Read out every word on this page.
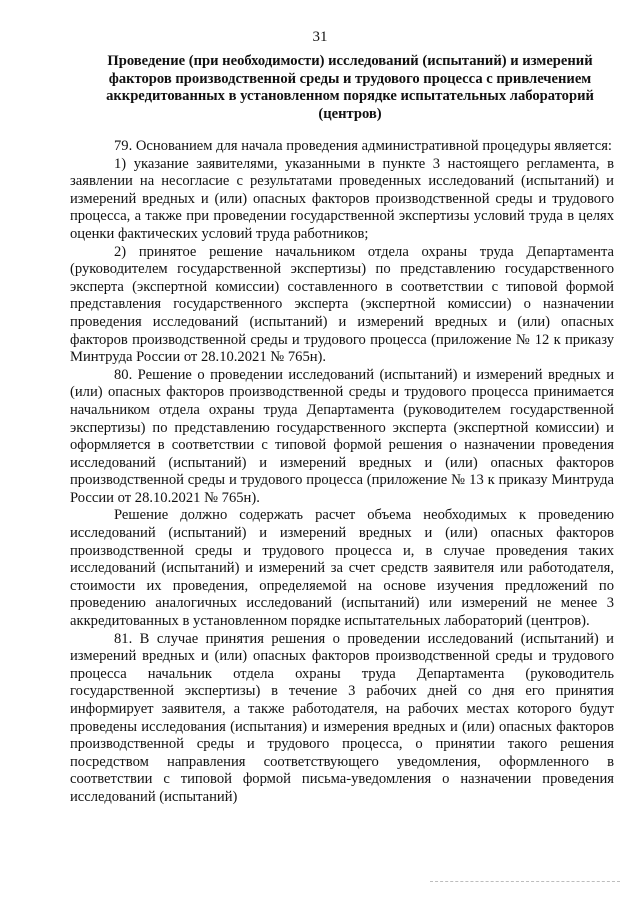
31
Проведение (при необходимости) исследований (испытаний) и измерений факторов производственной среды и трудового процесса с привлечением аккредитованных в установленном порядке испытательных лабораторий (центров)

79. Основанием для начала проведения административной процедуры является:

1) указание заявителями, указанными в пункте 3 настоящего регламента, в заявлении на несогласие с результатами проведенных исследований (испытаний) и измерений вредных и (или) опасных факторов производственной среды и трудового процесса, а также при проведении государственной экспертизы условий труда в целях оценки фактических условий труда работников;

2) принятое решение начальником отдела охраны труда Департамента (руководителем государственной экспертизы) по представлению государственного эксперта (экспертной комиссии) составленного в соответствии с типовой формой представления государственного эксперта (экспертной комиссии) о назначении проведения исследований (испытаний) и измерений вредных и (или) опасных факторов производственной среды и трудового процесса (приложение № 12 к приказу Минтруда России от 28.10.2021 № 765н).

80. Решение о проведении исследований (испытаний) и измерений вредных и (или) опасных факторов производственной среды и трудового процесса принимается начальником отдела охраны труда Департамента (руководителем государственной экспертизы) по представлению государственного эксперта (экспертной комиссии) и оформляется в соответствии с типовой формой решения о назначении проведения исследований (испытаний) и измерений вредных и (или) опасных факторов производственной среды и трудового процесса (приложение № 13 к приказу Минтруда России от 28.10.2021 № 765н).

Решение должно содержать расчет объема необходимых к проведению исследований (испытаний) и измерений вредных и (или) опасных факторов производственной среды и трудового процесса и, в случае проведения таких исследований (испытаний) и измерений за счет средств заявителя или работодателя, стоимости их проведения, определяемой на основе изучения предложений по проведению аналогичных исследований (испытаний) или измерений не менее 3 аккредитованных в установленном порядке испытательных лабораторий (центров).

81. В случае принятия решения о проведении исследований (испытаний) и измерений вредных и (или) опасных факторов производственной среды и трудового процесса начальник отдела охраны труда Департамента (руководитель государственной экспертизы) в течение 3 рабочих дней со дня его принятия информирует заявителя, а также работодателя, на рабочих местах которого будут проведены исследования (испытания) и измерения вредных и (или) опасных факторов производственной среды и трудового процесса, о принятии такого решения посредством направления соответствующего уведомления, оформленного в соответствии с типовой формой письма-уведомления о назначении проведения исследований (испытаний)
